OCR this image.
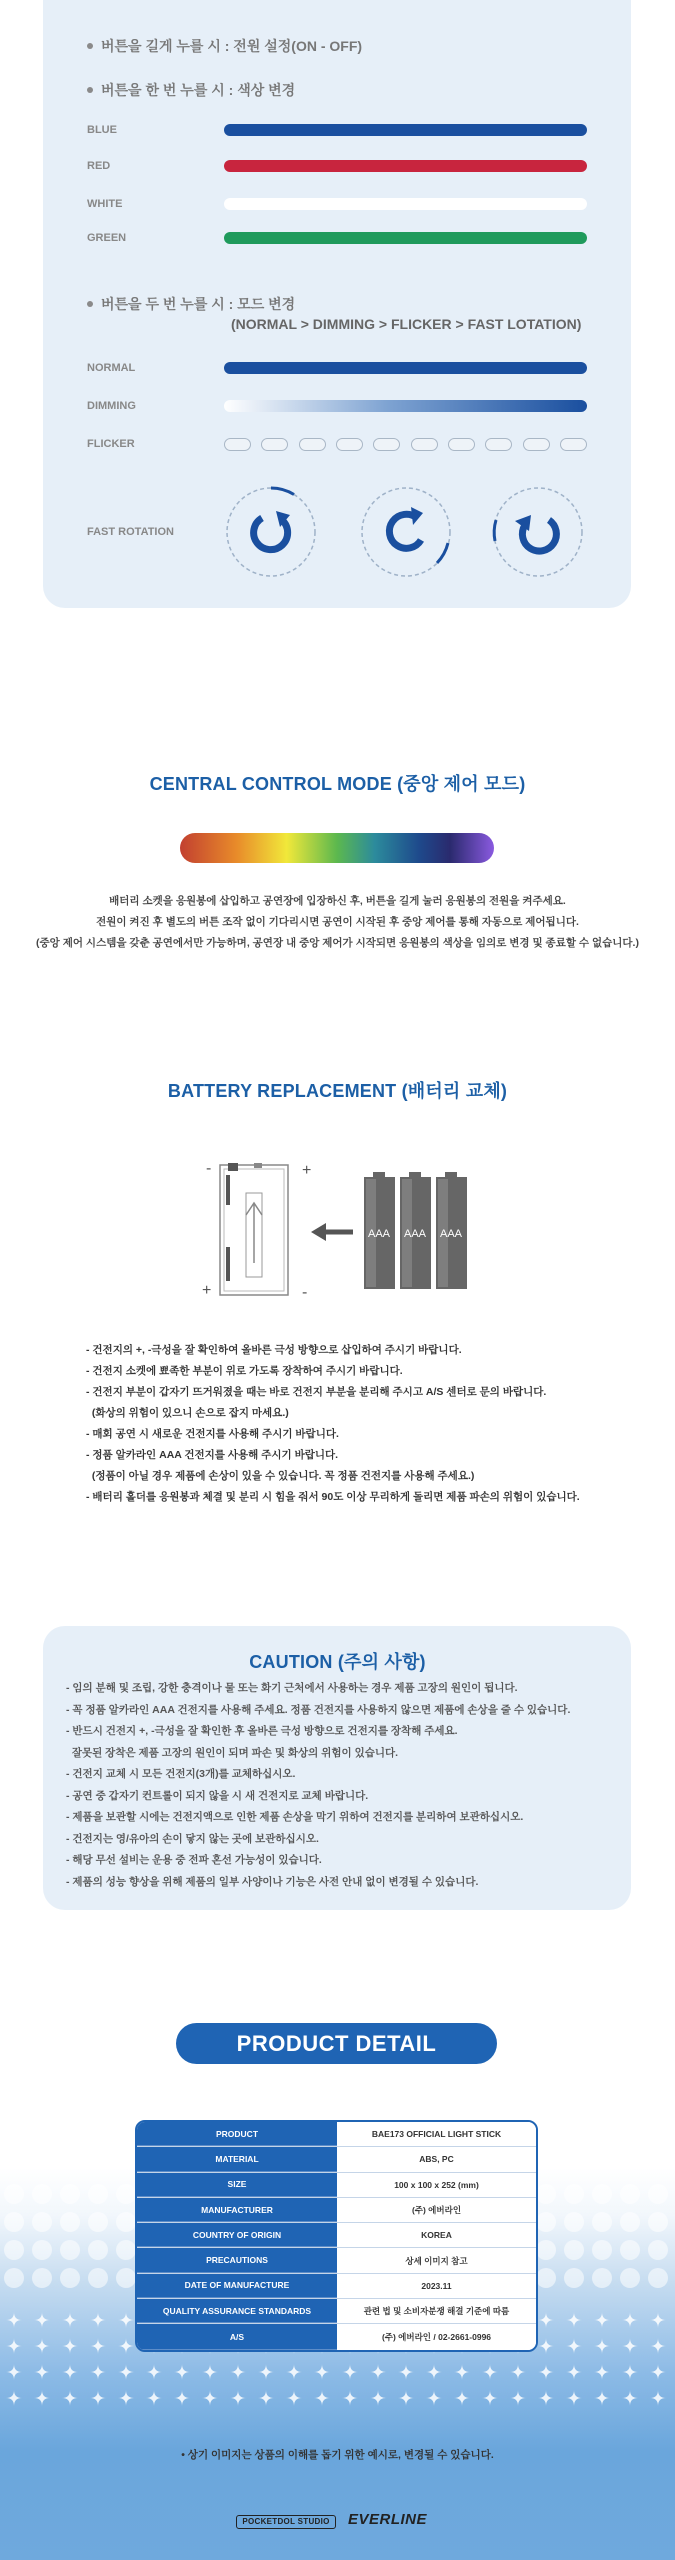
버튼을 길게 누를 시 : 전원 설정(ON - OFF)
버튼을 한 번 누를 시 : 색상 변경
BLUE
RED
WHITE
GREEN
버튼을 두 번 누를 시 : 모드 변경
(NORMAL > DIMMING > FLICKER > FAST LOTATION)
NORMAL
DIMMING
FLICKER
FAST ROTATION
CENTRAL CONTROL MODE (중앙 제어 모드)
배터리 소켓을 응원봉에 삽입하고 공연장에 입장하신 후, 버튼을 길게 눌러 응원봉의 전원을 켜주세요.
전원이 켜진 후 별도의 버튼 조작 없이 기다리시면 공연이 시작된 후 중앙 제어를 통해 자동으로 제어됩니다.
(중앙 제어 시스템을 갖춘 공연에서만 가능하며, 공연장 내 중앙 제어가 시작되면 응원봉의 색상을 임의로 변경 및 종료할 수 없습니다.)
BATTERY REPLACEMENT (배터리 교체)
-	+
+	-
AAA AAA AAA
- 건전지의 +, -극성을 잘 확인하여 올바른 극성 방향으로 삽입하여 주시기 바랍니다.
- 건전지 소켓에 뾰족한 부분이 위로 가도록 장착하여 주시기 바랍니다.
- 건전지 부분이 갑자기 뜨거워졌을 때는 바로 건전지 부분을 분리해 주시고 A/S 센터로 문의 바랍니다.
(화상의 위험이 있으니 손으로 잡지 마세요.)
- 매회 공연 시 새로운 건전지를 사용해 주시기 바랍니다.
- 정품 알카라인 AAA 건전지를 사용해 주시기 바랍니다.
(정품이 아닐 경우 제품에 손상이 있을 수 있습니다. 꼭 정품 건전지를 사용해 주세요.)
- 배터리 홀더를 응원봉과 체결 및 분리 시 힘을 줘서 90도 이상 무리하게 돌리면 제품 파손의 위험이 있습니다.
CAUTION (주의 사항)
- 임의 분해 및 조립, 강한 충격이나 물 또는 화기 근처에서 사용하는 경우 제품 고장의 원인이 됩니다.
- 꼭 정품 알카라인 AAA 건전지를 사용해 주세요. 정품 건전지를 사용하지 않으면 제품에 손상을 줄 수 있습니다.
- 반드시 건전지 +, -극성을 잘 확인한 후 올바른 극성 방향으로 건전지를 장착해 주세요.
잘못된 장착은 제품 고장의 원인이 되며 파손 및 화상의 위험이 있습니다.
- 건전지 교체 시 모든 건전지(3개)를 교체하십시오.
- 공연 중 갑자기 컨트롤이 되지 않을 시 새 건전지로 교체 바랍니다.
- 제품을 보관할 시에는 건전지액으로 인한 제품 손상을 막기 위하여 건전지를 분리하여 보관하십시오.
- 건전지는 영/유아의 손이 닿지 않는 곳에 보관하십시오.
- 해당 무선 설비는 운용 중 전파 혼선 가능성이 있습니다.
- 제품의 성능 향상을 위해 제품의 일부 사양이나 기능은 사전 안내 없이 변경될 수 있습니다.
PRODUCT DETAIL
PRODUCT	BAE173 OFFICIAL LIGHT STICK
MATERIAL	ABS, PC
SIZE	100 x 100 x 252 (mm)
MANUFACTURER	(주) 에버라인
COUNTRY OF ORIGIN	KOREA
PRECAUTIONS	상세 이미지 참고
DATE OF MANUFACTURE	2023.11
QUALITY ASSURANCE STANDARDS	관련 법 및 소비자분쟁 해결 기준에 따름
A/S	(주) 에버라인 / 02-2661-0996
• 상기 이미지는 상품의 이해를 돕기 위한 예시로, 변경될 수 있습니다.
POCKETDOL STUDIO	EVERLINE
